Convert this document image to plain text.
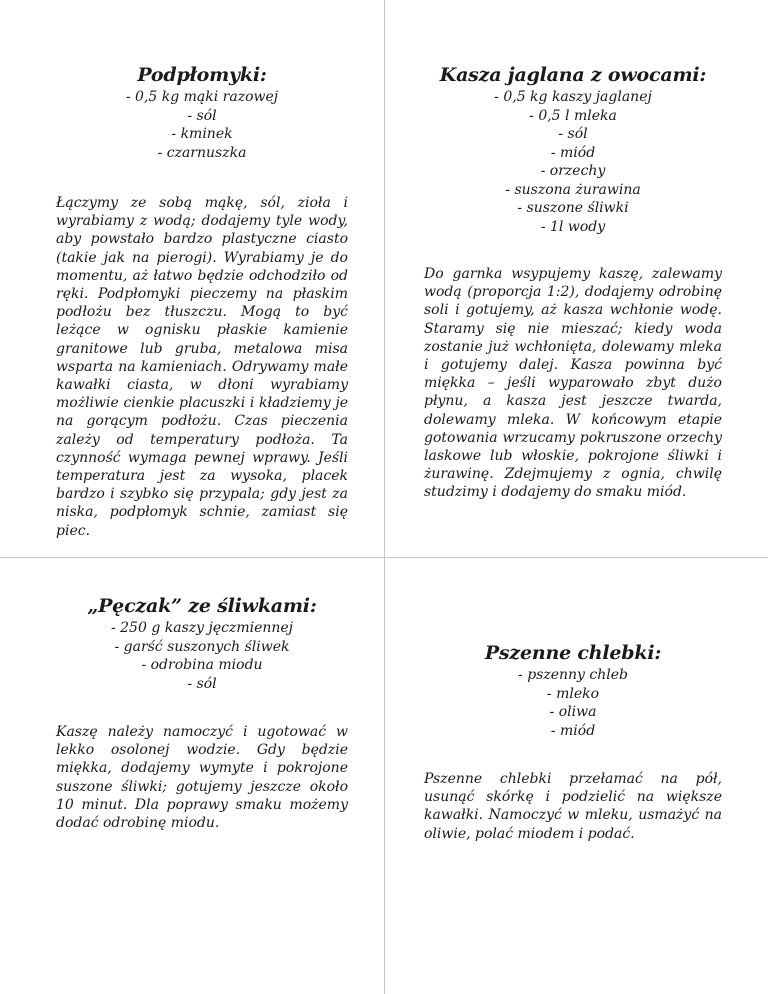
Podpłomyki:
- 0,5 kg mąki razowej
- sól
- kminek
- czarnuszka

Łączymy ze sobą mąkę, sól, zioła i wyrabiamy z wodą; dodajemy tyle wody, aby powstało bardzo plastyczne ciasto (takie jak na pierogi). Wyrabiamy je do momentu, aż łatwo będzie odchodziło od ręki. Podpłomyki pieczemy na płaskim podłożu bez tłuszczu. Mogą to być leżące w ognisku płaskie kamienie granitowe lub gruba, metalowa misa wsparta na kamieniach. Odrywamy małe kawałki ciasta, w dłoni wyrabiamy możliwie cienkie placuszki i kładziemy je na gorącym podłożu. Czas pieczenia zależy od temperatury podłoża. Ta czynność wymaga pewnej wprawy. Jeśli temperatura jest za wysoka, placek bardzo i szybko się przypala; gdy jest za niska, podpłomyk schnie, zamiast się piec.

Kasza jaglana z owocami:
- 0,5 kg kaszy jaglanej
- 0,5 l mleka
- sól
- miód
- orzechy
- suszona żurawina
- suszone śliwki
- 1l wody

Do garnka wsypujemy kaszę, zalewamy wodą (proporcja 1:2), dodajemy odrobinę soli i gotujemy, aż kasza wchłonie wodę. Staramy się nie mieszać; kiedy woda zostanie już wchłonięta, dolewamy mleka i gotujemy dalej. Kasza powinna być miękka – jeśli wyparowało zbyt dużo płynu, a kasza jest jeszcze twarda, dolewamy mleka. W końcowym etapie gotowania wrzucamy pokruszone orzechy laskowe lub włoskie, pokrojone śliwki i żurawinę. Zdejmujemy z ognia, chwilę studzimy i dodajemy do smaku miód.

„Pęczak” ze śliwkami:
- 250 g kaszy jęczmiennej
- garść suszonych śliwek
- odrobina miodu
- sól

Kaszę należy namoczyć i ugotować w lekko osolonej wodzie. Gdy będzie miękka, dodajemy wymyte i pokrojone suszone śliwki; gotujemy jeszcze około 10 minut. Dla poprawy smaku możemy dodać odrobinę miodu.

Pszenne chlebki:
- pszenny chleb
- mleko
- oliwa
- miód

Pszenne chlebki przełamać na pół, usunąć skórkę i podzielić na większe kawałki. Namoczyć w mleku, usmażyć na oliwie, polać miodem i podać.
